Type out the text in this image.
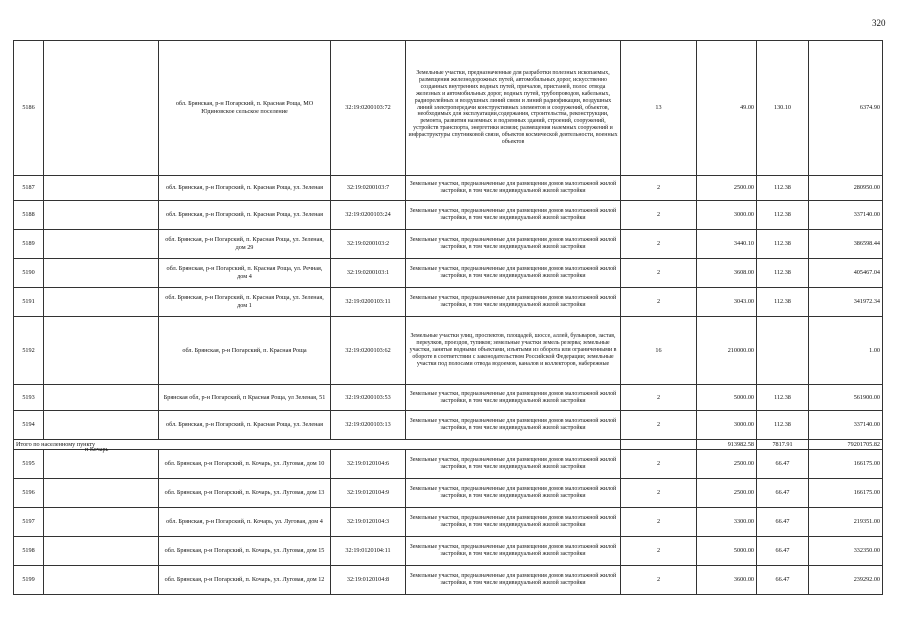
320
5186		обл. Брянская, р-н Погарский, п. Красная Роща, МО Юдиновское сельское поселение	32:19:0200103:72	Земельные участки, предназначенные для разработки полезных ископаемых, размещения железнодорожных путей, автомобильных дорог, искусственно созданных внутренних водных путей, причалов, пристаней, полос отвода железных и автомобильных дорог, водных путей, трубопроводов, кабельных, радиорелейных и воздушных линий связи и линий радиофикации, воздушных линий электропередачи конструктивных элементов и сооружений, объектов, необходимых для эксплуатации,содержания, строительства, реконструкции, ремонта, развития наземных и подземных зданий, строений, сооружений, устройств транспорта, энергетики исвязи; размещения наземных сооружений и инфраструктуры спутниковой связи, объектов космической деятельности, военных объектов	13	49.00	130.10	6374.90
5187		обл. Брянская, р-н Погарский, п. Красная Роща, ул. Зеленая	32:19:0200103:7	Земельные участки, предназначенные для размещения домов малоэтажной жилой застройки, в том числе индивидуальной жилой застройки	2	2500.00	112.38	280950.00
5188		обл. Брянская, р-н Погарский, п. Красная Роща, ул. Зеленая	32:19:0200103:24	Земельные участки, предназначенные для размещения домов малоэтажной жилой застройки, в том числе индивидуальной жилой застройки	2	3000.00	112.38	337140.00
5189		обл. Брянская, р-н Погарский, п. Красная Роща, ул. Зеленая, дом 29	32:19:0200103:2	Земельные участки, предназначенные для размещения домов малоэтажной жилой застройки, в том числе индивидуальной жилой застройки	2	3440.10	112.38	386598.44
5190		обл. Брянская, р-н Погарский, п. Красная Роща, ул. Речная, дом 4	32:19:0200103:1	Земельные участки, предназначенные для размещения домов малоэтажной жилой застройки, в том числе индивидуальной жилой застройки	2	3608.00	112.38	405467.04
5191		обл. Брянская, р-н Погарский, п. Красная Роща, ул. Зеленая, дом 1	32:19:0200103:11	Земельные участки, предназначенные для размещения домов малоэтажной жилой застройки, в том числе индивидуальной жилой застройки	2	3043.00	112.38	341972.34
5192		обл. Брянская, р-н Погарский, п. Красная Роща	32:19:0200103:62	Земельные участки улиц, проспектов, площадей, шоссе, аллей, бульваров, застав, переулков, проездов, тупиков; земельные участки земель резерва; земельные участки, занятые водными объектами, изъятыми из оборота или ограниченными в обороте в соответствии с законодательством Российской Федерации; земельные участки под полосами отвода водоемов, каналов и коллекторов, набережные	16	210000.00		1.00
5193		Брянская обл, р-н Погарский, п Красная Роща, ул Зеленая, 51	32:19:0200103:53	Земельные участки, предназначенные для размещения домов малоэтажной жилой застройки, в том числе индивидуальной жилой застройки	2	5000.00	112.38	561900.00
5194		обл. Брянская, р-н Погарский, п. Красная Роща, ул. Зеленая	32:19:0200103:13	Земельные участки, предназначенные для размещения домов малоэтажной жилой застройки, в том числе индивидуальной жилой застройки	2	3000.00	112.38	337140.00
Итого по населенному пункту						913982.58	7817.91	79201705.82
5195		обл. Брянская, р-н Погарский, п. Кочарь, ул. Луговая, дом 10	32:19:0120104:6	Земельные участки, предназначенные для размещения домов малоэтажной жилой застройки, в том числе индивидуальной жилой застройки	2	2500.00	66.47	166175.00
5196		обл. Брянская, р-н Погарский, п. Кочарь, ул. Луговая, дом 13	32:19:0120104:9	Земельные участки, предназначенные для размещения домов малоэтажной жилой застройки, в том числе индивидуальной жилой застройки	2	2500.00	66.47	166175.00
5197		обл. Брянская, р-н Погарский, п. Кочарь, ул. Луговая, дом 4	32:19:0120104:3	Земельные участки, предназначенные для размещения домов малоэтажной жилой застройки, в том числе индивидуальной жилой застройки	2	3300.00	66.47	219351.00
5198		обл. Брянская, р-н Погарский, п. Кочарь, ул. Луговая, дом 15	32:19:0120104:11	Земельные участки, предназначенные для размещения домов малоэтажной жилой застройки, в том числе индивидуальной жилой застройки	2	5000.00	66.47	332350.00
5199		обл. Брянская, р-н Погарский, п. Кочарь, ул. Луговая, дом 12	32:19:0120104:8	Земельные участки, предназначенные для размещения домов малоэтажной жилой застройки, в том числе индивидуальной жилой застройки	2	3600.00	66.47	239292.00
п Кочарь
